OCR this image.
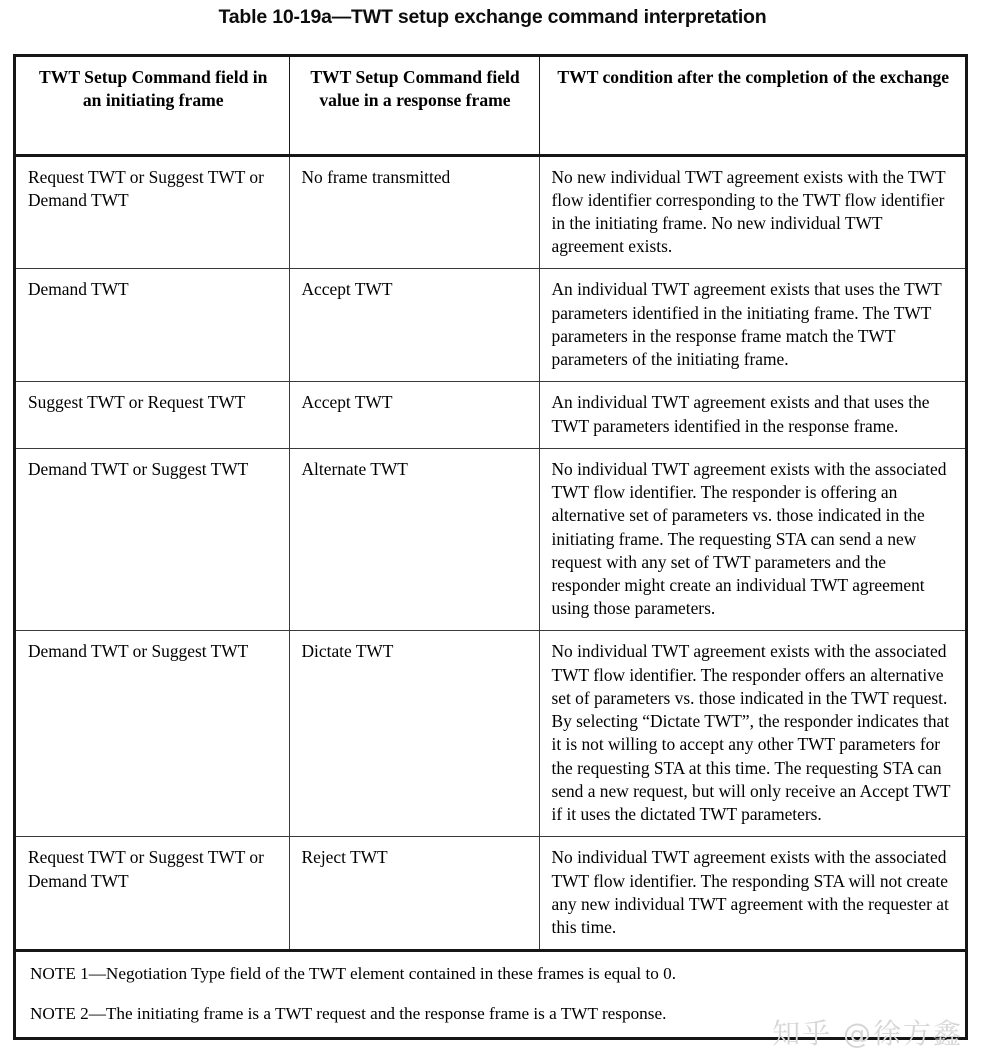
Table 10-19a—TWT setup exchange command interpretation
TWT Setup Command field in an initiating frame	TWT Setup Command field value in a response frame	TWT condition after the completion of the exchange
Request TWT or Suggest TWT or Demand TWT	No frame transmitted	No new individual TWT agreement exists with the TWT flow identifier corresponding to the TWT flow identifier in the initiating frame. No new individual TWT agreement exists.
Demand TWT	Accept TWT	An individual TWT agreement exists that uses the TWT parameters identified in the initiating frame. The TWT parameters in the response frame match the TWT parameters of the initiating frame.
Suggest TWT or Request TWT	Accept TWT	An individual TWT agreement exists and that uses the TWT parameters identified in the response frame.
Demand TWT or Suggest TWT	Alternate TWT	No individual TWT agreement exists with the associated TWT flow identifier. The responder is offering an alternative set of parameters vs. those indicated in the initiating frame. The requesting STA can send a new request with any set of TWT parameters and the responder might create an individual TWT agreement using those parameters.
Demand TWT or Suggest TWT	Dictate TWT	No individual TWT agreement exists with the associated TWT flow identifier. The responder offers an alternative set of parameters vs. those indicated in the TWT request. By selecting “Dictate TWT”, the responder indicates that it is not willing to accept any other TWT parameters for the requesting STA at this time. The requesting STA can send a new request, but will only receive an Accept TWT if it uses the dictated TWT parameters.
Request TWT or Suggest TWT or Demand TWT	Reject TWT	No individual TWT agreement exists with the associated TWT flow identifier. The responding STA will not create any new individual TWT agreement with the requester at this time.

NOTE 1—Negotiation Type field of the TWT element contained in these frames is equal to 0.
NOTE 2—The initiating frame is a TWT request and the response frame is a TWT response.		
知乎 @徐方鑫
